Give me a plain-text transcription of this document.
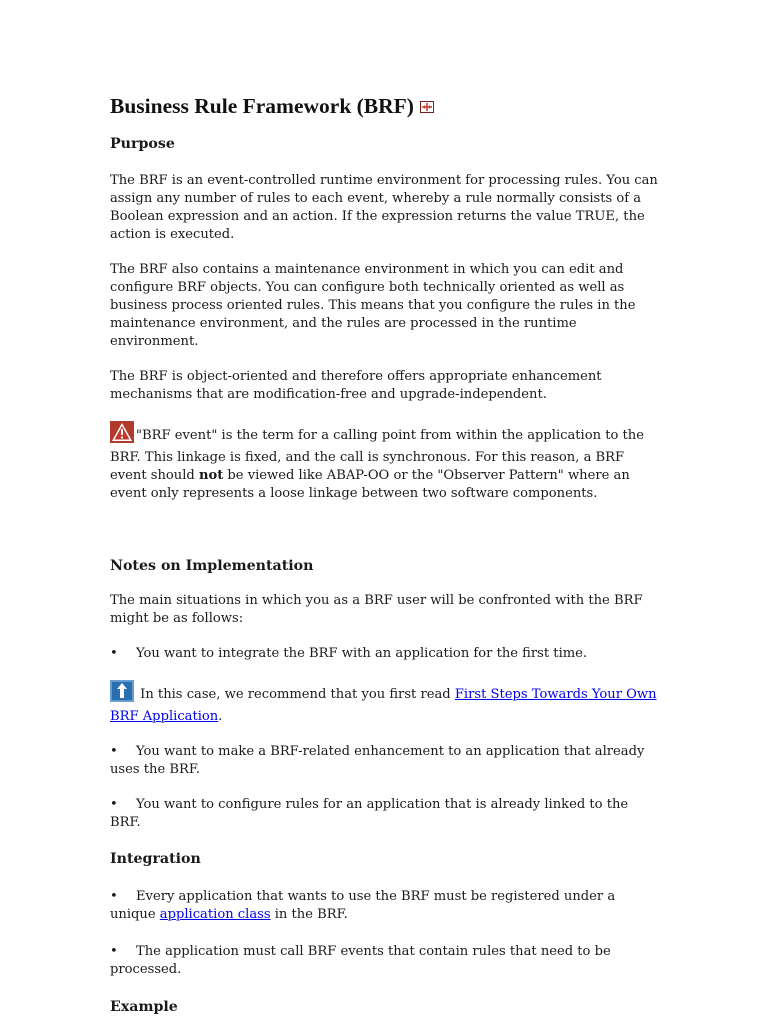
Business Rule Framework (BRF)
Purpose

The BRF is an event-controlled runtime environment for processing rules. You can assign any number of rules to each event, whereby a rule normally consists of a Boolean expression and an action. If the expression returns the value TRUE, the action is executed.

The BRF also contains a maintenance environment in which you can edit and configure BRF objects. You can configure both technically oriented as well as business process oriented rules. This means that you configure the rules in the maintenance environment, and the rules are processed in the runtime environment.

The BRF is object-oriented and therefore offers appropriate enhancement mechanisms that are modification-free and upgrade-independent.

"BRF event" is the term for a calling point from within the application to the BRF. This linkage is fixed, and the call is synchronous. For this reason, a BRF event should not be viewed like ABAP-OO or the "Observer Pattern" where an event only represents a loose linkage between two software components.

Notes on Implementation

The main situations in which you as a BRF user will be confronted with the BRF might be as follows:

• You want to integrate the BRF with an application for the first time.

In this case, we recommend that you first read First Steps Towards Your Own BRF Application.

• You want to make a BRF-related enhancement to an application that already uses the BRF.

• You want to configure rules for an application that is already linked to the BRF.

Integration

• Every application that wants to use the BRF must be registered under a unique application class in the BRF.

• The application must call BRF events that contain rules that need to be processed.

Example
